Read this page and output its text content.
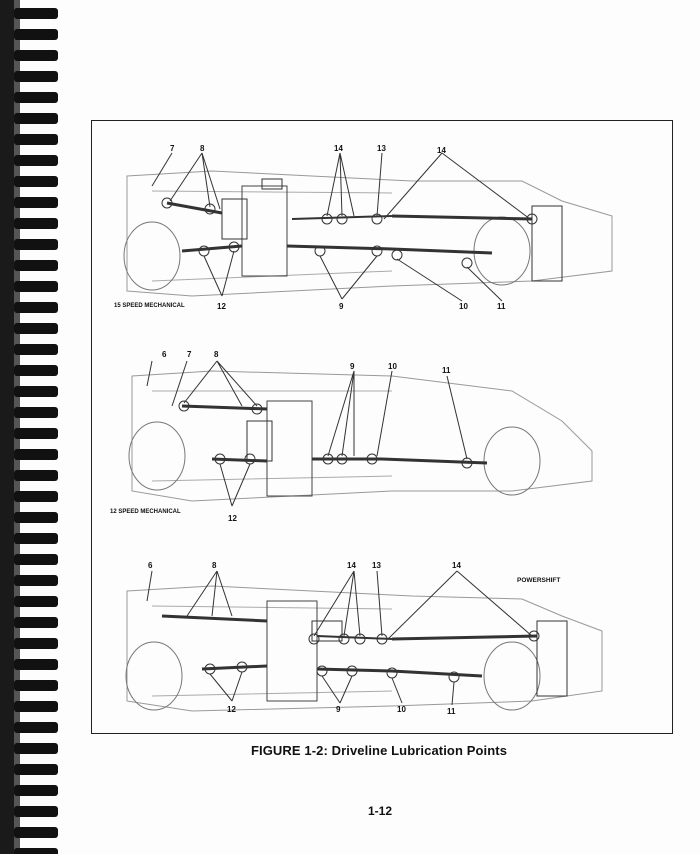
15 SPEED MECHANICAL
12 SPEED MECHANICAL
POWERSHIFT
7	8	14	13	14
12	9	10	11
6	7	8
9	10	11
12
6	8	14 13	14
12	9	10	11
FIGURE 1-2: Driveline Lubrication Points
1-12
